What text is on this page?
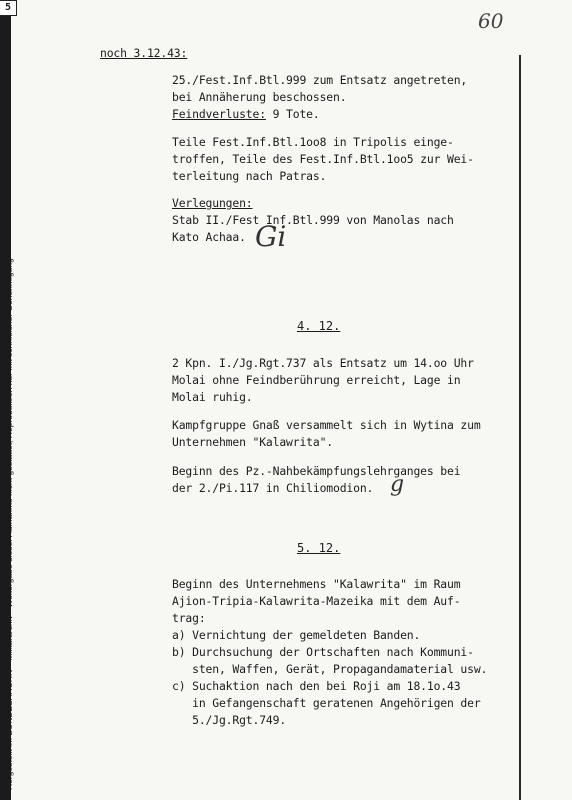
5
Hergestellt im BUNDESARCHIV - Militärarchiv - Weitergabe dieser Aufnahme nicht gestattet; Reproduktion nur mit schriftlicher Genehmigung
60
noch 3.12.43:
25./Fest.Inf.Btl.999 zum Entsatz angetreten,
bei Annäherung beschossen.
Feindverluste: 9 Tote.
Teile Fest.Inf.Btl.1oo8 in Tripolis einge-
troffen, Teile des Fest.Inf.Btl.1oo5 zur Wei-
terleitung nach Patras.
Verlegungen:
Stab II./Fest Inf.Btl.999 von Manolas nach
Kato Achaa. Gi
4. 12.
2 Kpn. I./Jg.Rgt.737 als Entsatz um 14.oo Uhr
Molai ohne Feindberührung erreicht, Lage in
Molai ruhig.
Kampfgruppe Gnaß versammelt sich in Wytina zum
Unternehmen "Kalawrita".
Beginn des Pz.-Nahbekämpfungslehrganges bei
der 2./Pi.117 in Chiliomodion. g
5. 12.
Beginn des Unternehmens "Kalawrita" im Raum
Ajion-Tripia-Kalawrita-Mazeika mit dem Auf-
trag:
a) Vernichtung der gemeldeten Banden.
b) Durchsuchung der Ortschaften nach Kommuni-
sten, Waffen, Gerät, Propagandamaterial usw.
c) Suchaktion nach den bei Roji am 18.1o.43
in Gefangenschaft geratenen Angehörigen der
5./Jg.Rgt.749.
